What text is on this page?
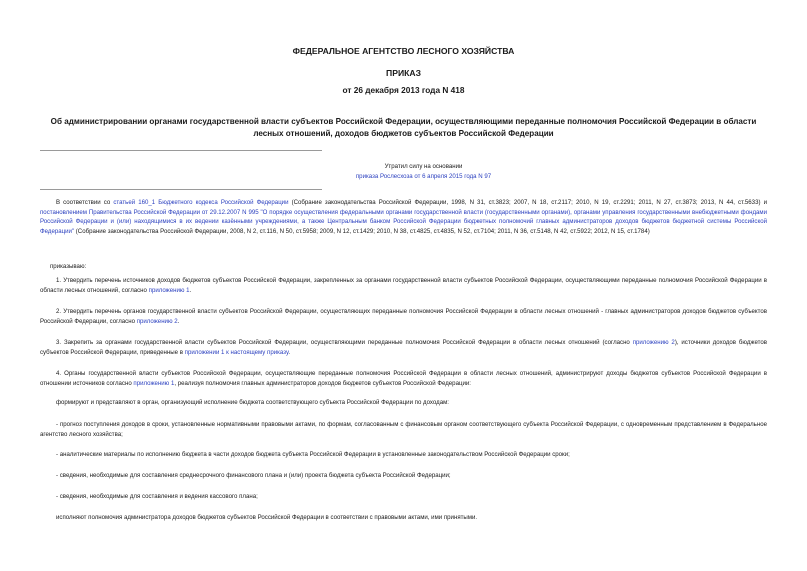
ФЕДЕРАЛЬНОЕ АГЕНТСТВО ЛЕСНОГО ХОЗЯЙСТВА
ПРИКАЗ
от 26 декабря 2013 года N 418
Об администрировании органами государственной власти субъектов Российской Федерации, осуществляющими переданные полномочия Российской Федерации в области лесных отношений, доходов бюджетов субъектов Российской Федерации
Утратил силу на основании
приказа Рослесхоза от 6 апреля 2015 года N 97
В соответствии со статьей 160_1 Бюджетного кодекса Российской Федерации (Собрание законодательства Российской Федерации, 1998, N 31, ст.3823; 2007, N 18, ст.2117; 2010, N 19, ст.2291; 2011, N 27, ст.3873; 2013, N 44, ст.5633) и постановлением Правительства Российской Федерации от 29.12.2007 N 995 "О порядке осуществления федеральными органами государственной власти (государственными органами), органами управления государственными внебюджетными фондами Российской Федерации и (или) находящимися в их ведении казёнными учреждениями, а также Центральным банком Российской Федерации бюджетных полномочий главных администраторов доходов бюджетов бюджетной системы Российской Федерации" (Собрание законодательства Российской Федерации, 2008, N 2, ст.116, N 50, ст.5958; 2009, N 12, ст.1429; 2010, N 38, ст.4825, ст.4835, N 52, ст.7104; 2011, N 36, ст.5148, N 42, ст.5922; 2012, N 15, ст.1784)
приказываю:
1. Утвердить перечень источников доходов бюджетов субъектов Российской Федерации, закрепленных за органами государственной власти субъектов Российской Федерации, осуществляющими переданные полномочия Российской Федерации в области лесных отношений, согласно приложению 1.
2. Утвердить перечень органов государственной власти субъектов Российской Федерации, осуществляющих переданные полномочия Российской Федерации в области лесных отношений - главных администраторов доходов бюджетов субъектов Российской Федерации, согласно приложению 2.
3. Закрепить за органами государственной власти субъектов Российской Федерации, осуществляющими переданные полномочия Российской Федерации в области лесных отношений (согласно приложению 2), источники доходов бюджетов субъектов Российской Федерации, приведенные в приложении 1 к настоящему приказу.
4. Органы государственной власти субъектов Российской Федерации, осуществляющие переданные полномочия Российской Федерации в области лесных отношений, администрируют доходы бюджетов субъектов Российской Федерации в отношении источников согласно приложению 1, реализуя полномочия главных администраторов доходов бюджетов субъектов Российской Федерации:
формируют и представляют в орган, организующий исполнение бюджета соответствующего субъекта Российской Федерации по доходам:
- прогноз поступления доходов в сроки, установленные нормативными правовыми актами, по формам, согласованным с финансовым органом соответствующего субъекта Российской Федерации, с одновременным представлением в Федеральное агентство лесного хозяйства;
- аналитические материалы по исполнению бюджета в части доходов бюджета субъекта Российской Федерации в установленные законодательством Российской Федерации сроки;
- сведения, необходимые для составления среднесрочного финансового плана и (или) проекта бюджета субъекта Российской Федерации;
- сведения, необходимые для составления и ведения кассового плана;
исполняют полномочия администратора доходов бюджетов субъектов Российской Федерации в соответствии с правовыми актами, ими принятыми.
